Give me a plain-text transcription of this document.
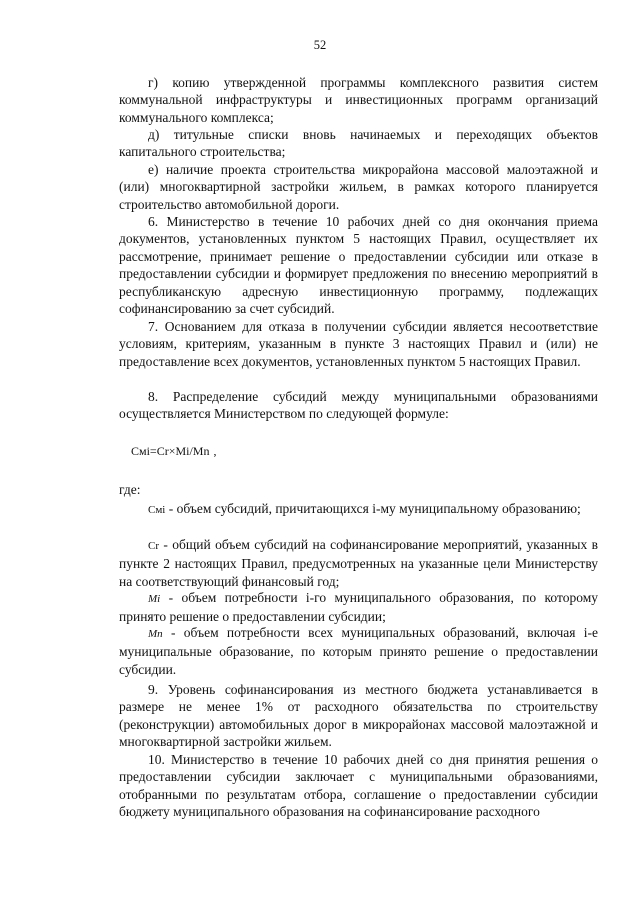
52

г) копию утвержденной программы комплексного развития систем коммунальной инфраструктуры и инвестиционных программ организаций коммунального комплекса;

д) титульные списки вновь начинаемых и переходящих объектов капитального строительства;

е) наличие проекта строительства микрорайона массовой малоэтажной и (или) многоквартирной застройки жильем, в рамках которого планируется строительство автомобильной дороги.

6. Министерство в течение 10 рабочих дней со дня окончания приема документов, установленных пунктом 5 настоящих Правил, осуществляет их рассмотрение, принимает решение о предоставлении субсидии или отказе в предоставлении субсидии и формирует предложения по внесению мероприятий в республиканскую адресную инвестиционную программу, подлежащих софинансированию за счет субсидий.

7. Основанием для отказа в получении субсидии является несоответствие условиям, критериям, указанным в пункте 3 настоящих Правил и (или) не предоставление всех документов, установленных пунктом 5 настоящих Правил.

8. Распределение субсидий между муниципальными образованиями осуществляется Министерством по следующей формуле:

Смi=Cr×Mi/Mn ,
где:

Смi - объем субсидий, причитающихся i-му муниципальному образованию;

Cr - общий объем субсидий на софинансирование мероприятий, указанных в пункте 2 настоящих Правил, предусмотренных на указанные цели Министерству на соответствующий финансовый год;

Mi - объем потребности i-го муниципального образования, по которому принято решение о предоставлении субсидии;

Mn - объем потребности всех муниципальных образований, включая i-е муниципальные образование, по которым принято решение о предоставлении субсидии.

9. Уровень софинансирования из местного бюджета устанавливается в размере не менее 1% от расходного обязательства по строительству (реконструкции) автомобильных дорог в микрорайонах массовой малоэтажной и многоквартирной застройки жильем.

10. Министерство в течение 10 рабочих дней со дня принятия решения о предоставлении субсидии заключает с муниципальными образованиями, отобранными по результатам отбора, соглашение о предоставлении субсидии бюджету муниципального образования на софинансирование расходного
